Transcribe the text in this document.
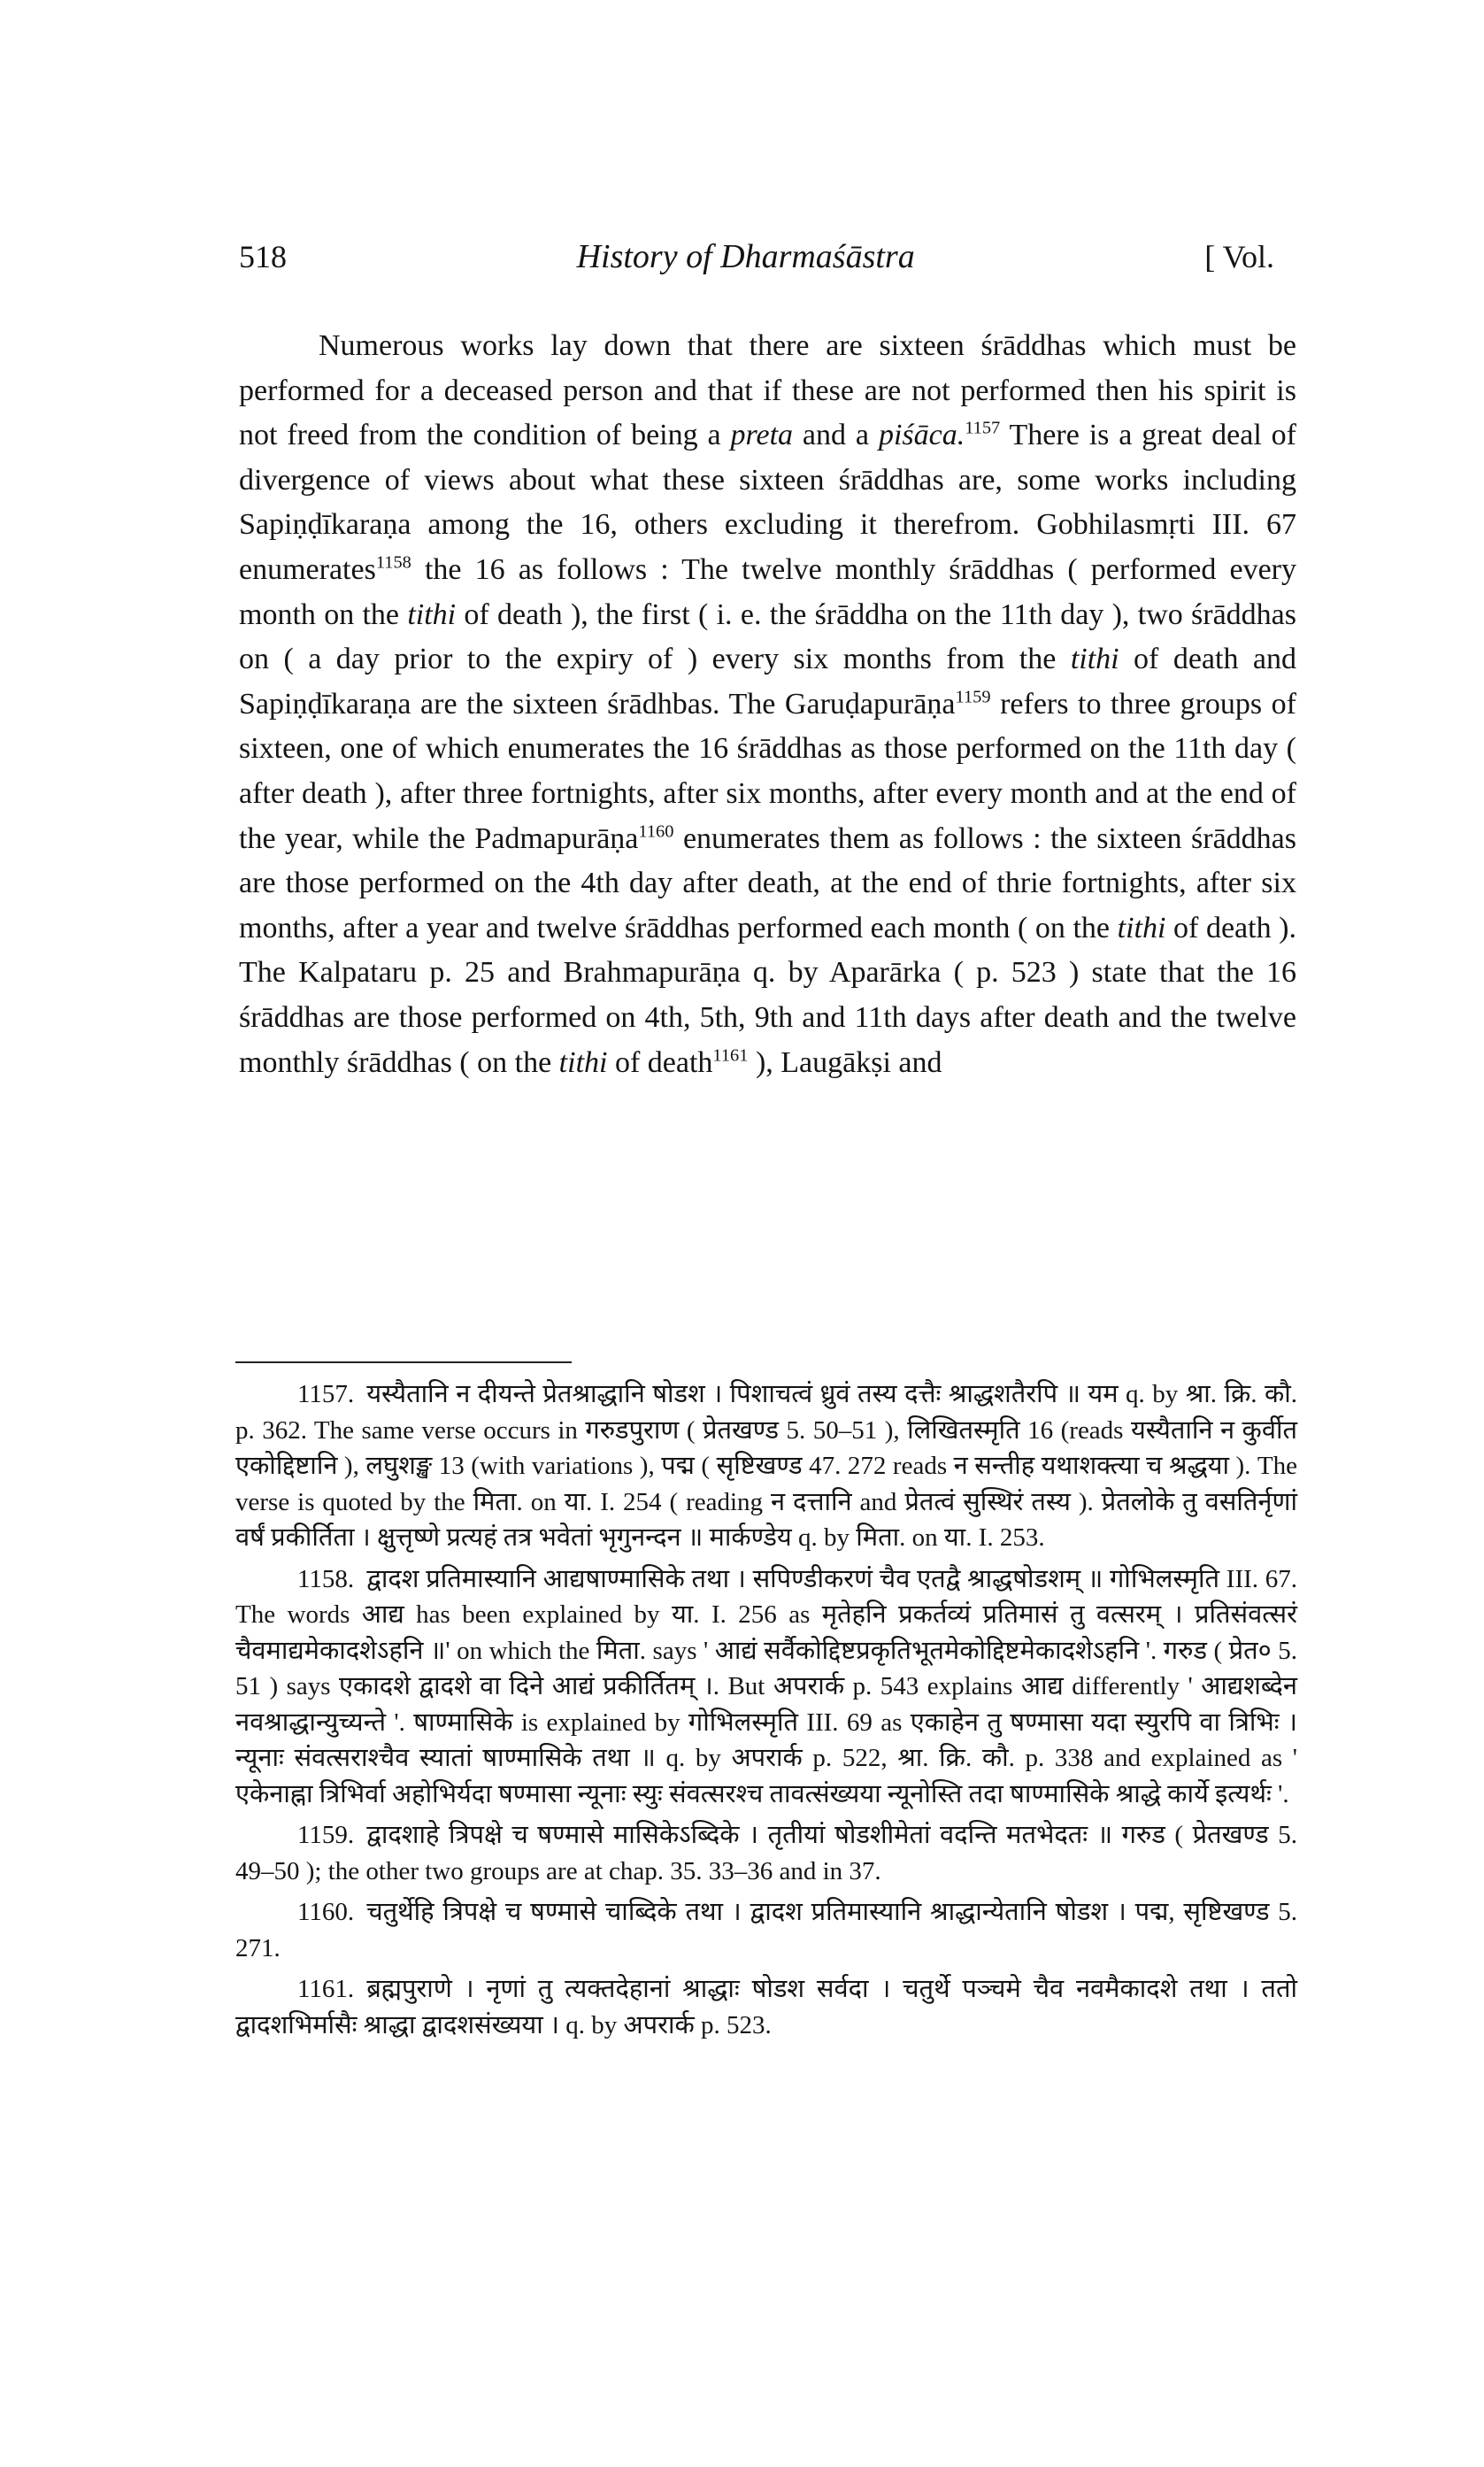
518	History of Dharmaśāstra	[ Vol.

Numerous works lay down that there are sixteen śrāddhas which must be performed for a deceased person and that if these are not performed then his spirit is not freed from the condition of being a preta and a piśāca.$^{1157}$ There is a great deal of divergence of views about what these sixteen śrāddhas are, some works including Sapiṇḍīkaraṇa among the 16, others excluding it therefrom. Gobhilasmṛti III. 67 enumerates$^{1158}$ the 16 as follows : The twelve monthly śrāddhas ( performed every month on the tithi of death ), the first ( i. e. the śrāddha on the 11th day ), two śrāddhas on ( a day prior to the expiry of ) every six months from the tithi of death and Sapiṇḍīkaraṇa are the sixteen śrādhbas. The Garuḍapurāṇa$^{1159}$ refers to three groups of sixteen, one of which enumerates the 16 śrāddhas as those performed on the 11th day ( after death ), after three fortnights, after six months, after every month and at the end of the year, while the Padmapurāṇa$^{1160}$ enumerates them as follows : the sixteen śrāddhas are those performed on the 4th day after death, at the end of thrie fortnights, after six months, after a year and twelve śrāddhas performed each month ( on the tithi of death ). The Kalpataru p. 25 and Brahmapurāṇa q. by Aparārka ( p. 523 ) state that the 16 śrāddhas are those performed on 4th, 5th, 9th and 11th days after death and the twelve monthly śrāddhas ( on the tithi of death$^{1161}$ ), Laugākṣi and

1157. यस्यैतानि न दीयन्ते प्रेतश्राद्धानि षोडश । पिशाचत्वं ध्रुवं तस्य दत्तैः श्राद्धशतैरपि ॥ यम q. by श्रा. क्रि. कौ. p. 362. The same verse occurs in गरुडपुराण ( प्रेतखण्ड 5. 50–51 ), लिखितस्मृति 16 (reads यस्यैतानि न कुर्वीत एकोद्दिष्टानि ), लघुशङ्ख 13 (with variations ), पद्म ( सृष्टिखण्ड 47. 272 reads न सन्तीह यथाशक्त्या च श्रद्धया ). The verse is quoted by the मिता. on या. I. 254 ( reading न दत्तानि and प्रेतत्वं सुस्थिरं तस्य ). प्रेतलोके तु वसतिर्नृणां वर्षं प्रकीर्तिता । क्षुत्तृष्णे प्रत्यहं तत्र भवेतां भृगुनन्दन ॥ मार्कण्डेय q. by मिता. on या. I. 253.

1158. द्वादश प्रतिमास्यानि आद्यषाण्मासिके तथा । सपिण्डीकरणं चैव एतद्वै श्राद्धषोडशम् ॥ गोभिलस्मृति III. 67. The words आद्य has been explained by या. I. 256 as मृतेहनि प्रकर्तव्यं प्रतिमासं तु वत्सरम् । प्रतिसंवत्सरं चैवमाद्यमेकादशेऽहनि ॥' on which the मिता. says ' आद्यं सर्वैकोद्दिष्टप्रकृतिभूतमेकोद्दिष्टमेकादशेऽहनि '. गरुड ( प्रेत० 5. 51 ) says एकादशे द्वादशे वा दिने आद्यं प्रकीर्तितम् ।. But अपरार्क p. 543 explains आद्य differently ' आद्यशब्देन नवश्राद्धान्युच्यन्ते '. षाण्मासिके is explained by गोभिलस्मृति III. 69 as एकाहेन तु षण्मासा यदा स्युरपि वा त्रिभिः । न्यूनाः संवत्सराश्चैव स्यातां षाण्मासिके तथा ॥ q. by अपरार्क p. 522, श्रा. क्रि. कौ. p. 338 and explained as ' एकेनाह्ना त्रिभिर्वा अहोभिर्यदा षण्मासा न्यूनाः स्युः संवत्सरश्च तावत्संख्यया न्यूनोस्ति तदा षाण्मासिके श्राद्धे कार्ये इत्यर्थः '.

1159. द्वादशाहे त्रिपक्षे च षण्मासे मासिकेऽब्दिके । तृतीयां षोडशीमेतां वदन्ति मतभेदतः ॥ गरुड ( प्रेतखण्ड 5. 49–50 ); the other two groups are at chap. 35. 33–36 and in 37.

1160. चतुर्थेहि त्रिपक्षे च षण्मासे चाब्दिके तथा । द्वादश प्रतिमास्यानि श्राद्धान्येतानि षोडश । पद्म, सृष्टिखण्ड 5. 271.

1161. ब्रह्मपुराणे । नृणां तु त्यक्तदेहानां श्राद्धाः षोडश सर्वदा । चतुर्थे पञ्चमे चैव नवमैकादशे तथा । ततो द्वादशभिर्मासैः श्राद्धा द्वादशसंख्यया । q. by अपरार्क p. 523.
